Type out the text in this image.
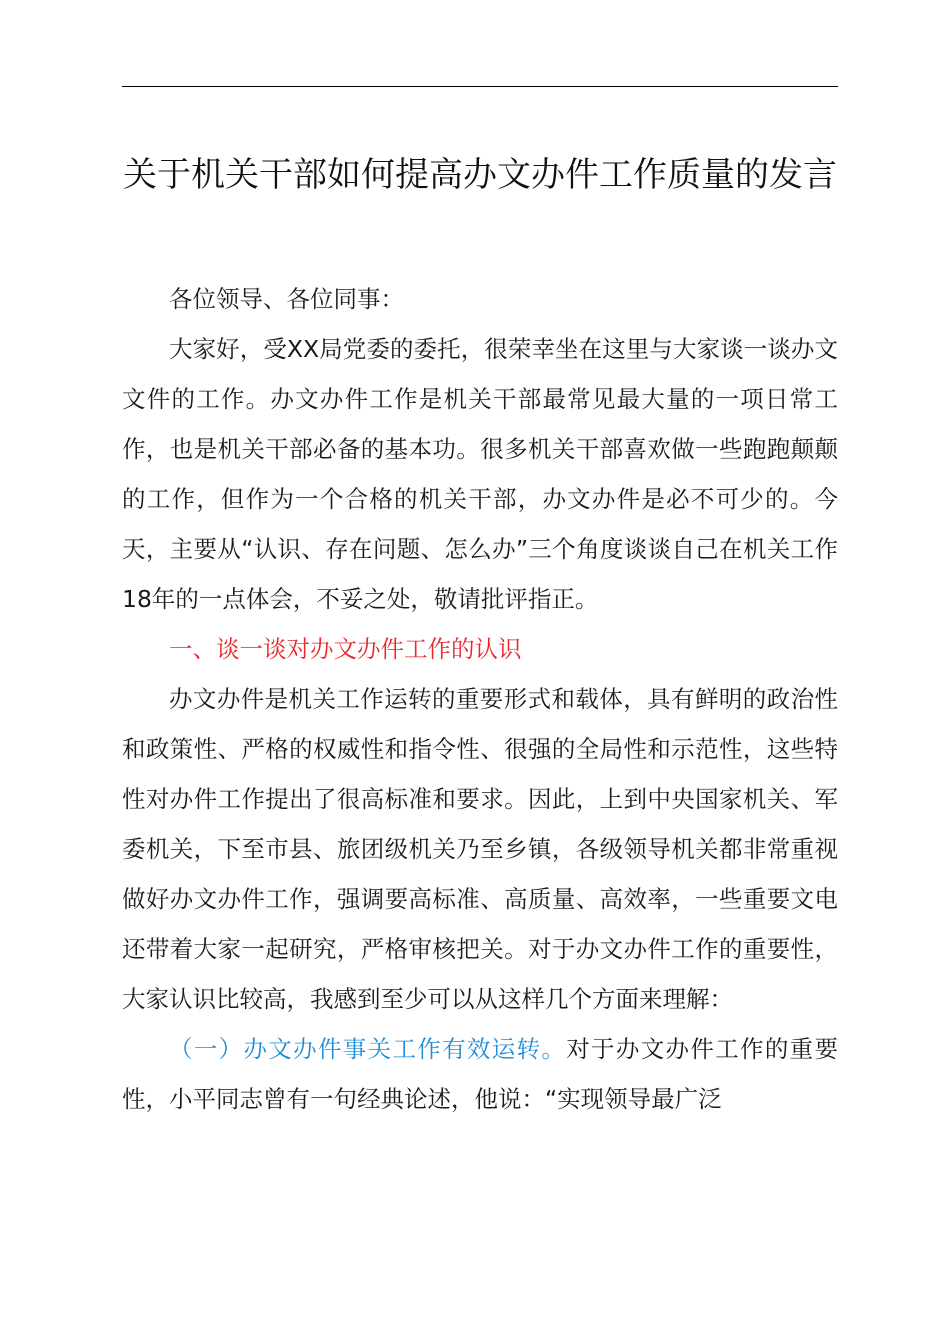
关于机关干部如何提高办文办件工作质量的发言

各位领导、各位同事：

大家好，受XX局党委的委托，很荣幸坐在这里与大家谈一谈办文文件的工作。办文办件工作是机关干部最常见最大量的一项日常工作，也是机关干部必备的基本功。很多机关干部喜欢做一些跑跑颠颠的工作，但作为一个合格的机关干部，办文办件是必不可少的。今天，主要从“认识、存在问题、怎么办”三个角度谈谈自己在机关工作18年的一点体会，不妥之处，敬请批评指正。

一、谈一谈对办文办件工作的认识

办文办件是机关工作运转的重要形式和载体，具有鲜明的政治性和政策性、严格的权威性和指令性、很强的全局性和示范性，这些特性对办件工作提出了很高标准和要求。因此，上到中央国家机关、军委机关，下至市县、旅团级机关乃至乡镇，各级领导机关都非常重视做好办文办件工作，强调要高标准、高质量、高效率，一些重要文电还带着大家一起研究，严格审核把关。对于办文办件工作的重要性，大家认识比较高，我感到至少可以从这样几个方面来理解：

（一）办文办件事关工作有效运转。对于办文办件工作的重要性，小平同志曾有一句经典论述，他说：“实现领导最广泛
